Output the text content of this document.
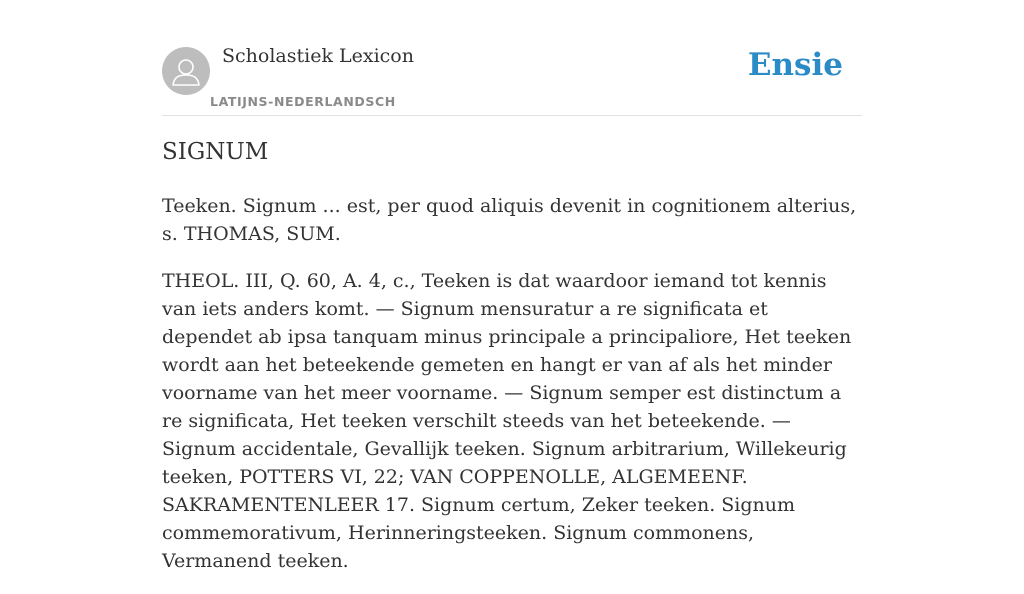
Scholastiek Lexicon
LATIJNS-NEDERLANDSCH
Ensie
SIGNUM

Teeken. Signum ... est, per quod aliquis devenit in cognitionem alterius, s. THOMAS, SUM.

THEOL. III, Q. 60, A. 4, c., Teeken is dat waardoor iemand tot kennis van iets anders komt. — Signum mensuratur a re significata et dependet ab ipsa tanquam minus principale a principaliore, Het teeken wordt aan het beteekende gemeten en hangt er van af als het minder voorname van het meer voorname. — Signum semper est distinctum a re significata, Het teeken verschilt steeds van het beteekende. — Signum accidentale, Gevallijk teeken. Signum arbitrarium, Willekeurig teeken, POTTERS VI, 22; VAN COPPENOLLE, ALGEMEENF. SAKRAMENTENLEER 17. Signum certum, Zeker teeken. Signum commemorativum, Herinneringsteeken. Signum commonens, Vermanend teeken.
